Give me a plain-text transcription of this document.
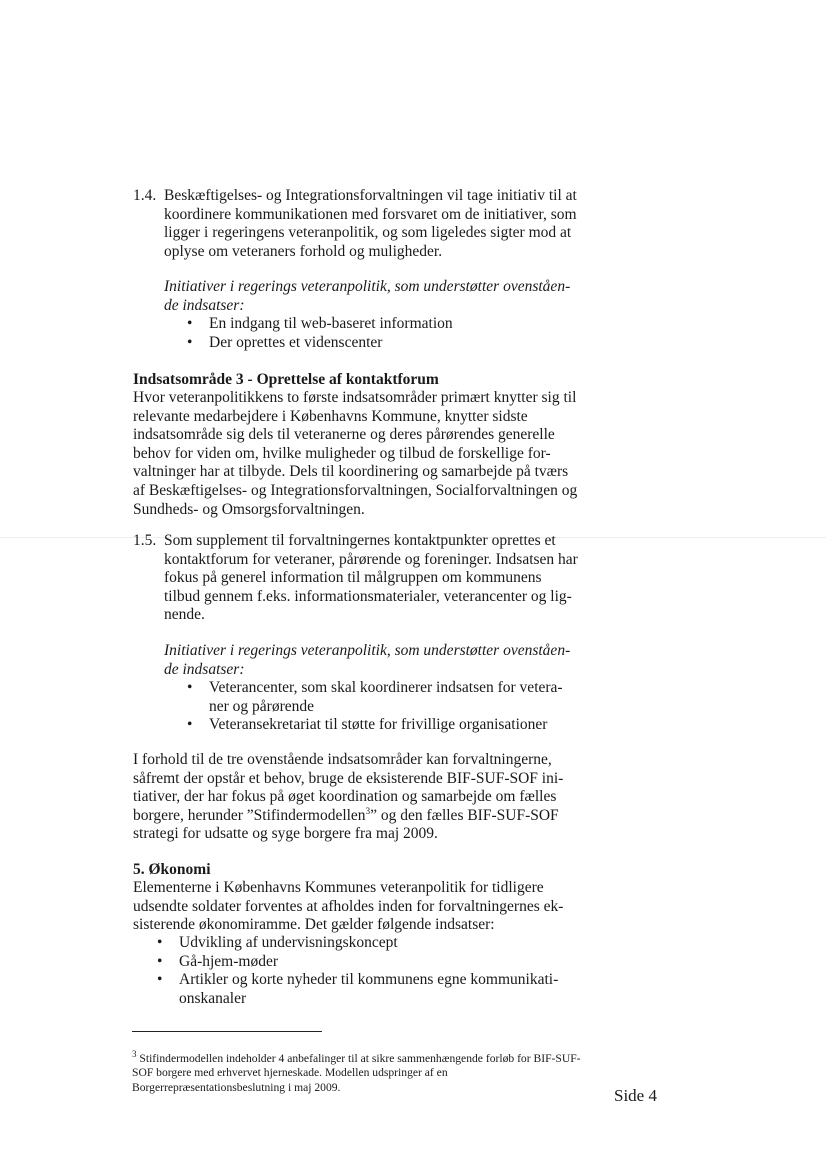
1.4. Beskæftigelses- og Integrationsforvaltningen vil tage initiativ til at koordinere kommunikationen med forsvaret om de initiativer, som ligger i regeringens veteranpolitik, og som ligeledes sigter mod at oplyse om veteraners forhold og muligheder.

Initiativer i regerings veteranpolitik, som understøtter ovenståen-de indsatser:

• En indgang til web-baseret information
• Der oprettes et videnscenter

Indsatsområde 3 - Oprettelse af kontaktforum

Hvor veteranpolitikkens to første indsatsområder primært knytter sig til relevante medarbejdere i Københavns Kommune, knytter sidste indsatsområde sig dels til veteranerne og deres pårørendes generelle behov for viden om, hvilke muligheder og tilbud de forskellige for-valtninger har at tilbyde. Dels til koordinering og samarbejde på tværs af Beskæftigelses- og Integrationsforvaltningen, Socialforvaltningen og Sundheds- og Omsorgsforvaltningen.

1.5. Som supplement til forvaltningernes kontaktpunkter oprettes et kontaktforum for veteraner, pårørende og foreninger. Indsatsen har fokus på generel information til målgruppen om kommunens tilbud gennem f.eks. informationsmaterialer, veterancenter og lig-nende.

Initiativer i regerings veteranpolitik, som understøtter ovenståen-de indsatser:

• Veterancenter, som skal koordinerer indsatsen for vetera-ner og pårørende
• Veteransekretariat til støtte for frivillige organisationer

I forhold til de tre ovenstående indsatsområder kan forvaltningerne, såfremt der opstår et behov, bruge de eksisterende BIF-SUF-SOF ini-tiativer, der har fokus på øget koordination og samarbejde om fælles borgere, herunder ”Stifindermodellen$^3$” og den fælles BIF-SUF-SOF strategi for udsatte og syge borgere fra maj 2009.

5. Økonomi

Elementerne i Københavns Kommunes veteranpolitik for tidligere udsendte soldater forventes at afholdes inden for forvaltningernes ek-sisterende økonomiramme. Det gælder følgende indsatser:

• Udvikling af undervisningskoncept
• Gå-hjem-møder
• Artikler og korte nyheder til kommunens egne kommunikati-onskanaler

$^3$ Stifindermodellen indeholder 4 anbefalinger til at sikre sammenhængende forløb for BIF-SUF-SOF borgere med erhvervet hjerneskade. Modellen udspringer af en Borgerrepræsentationsbeslutning i maj 2009.	Side 4
